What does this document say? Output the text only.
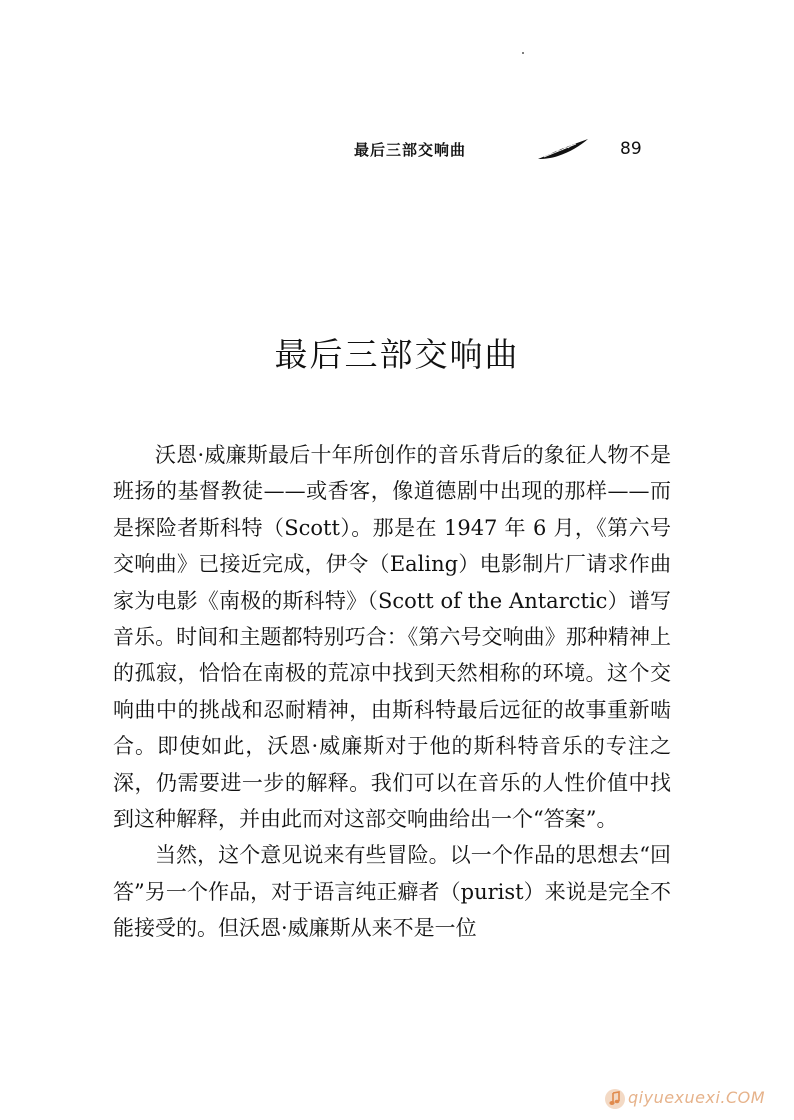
最后三部交响曲	89
最后三部交响曲

沃恩·威廉斯最后十年所创作的音乐背后的象征人物不是班扬的基督教徒——或香客，像道德剧中出现的那样——而是探险者斯科特（Scott）。那是在 1947 年 6 月，《第六号交响曲》已接近完成，伊令（Ealing）电影制片厂请求作曲家为电影《南极的斯科特》（Scott of the Antarctic）谱写音乐。时间和主题都特别巧合：《第六号交响曲》那种精神上的孤寂，恰恰在南极的荒凉中找到天然相称的环境。这个交响曲中的挑战和忍耐精神，由斯科特最后远征的故事重新啮合。即使如此，沃恩·威廉斯对于他的斯科特音乐的专注之深，仍需要进一步的解释。我们可以在音乐的人性价值中找到这种解释，并由此而对这部交响曲给出一个“答案”。

当然，这个意见说来有些冒险。以一个作品的思想去“回答”另一个作品，对于语言纯正癖者（purist）来说是完全不能接受的。但沃恩·威廉斯从来不是一位

qiyuexuexi.COM
